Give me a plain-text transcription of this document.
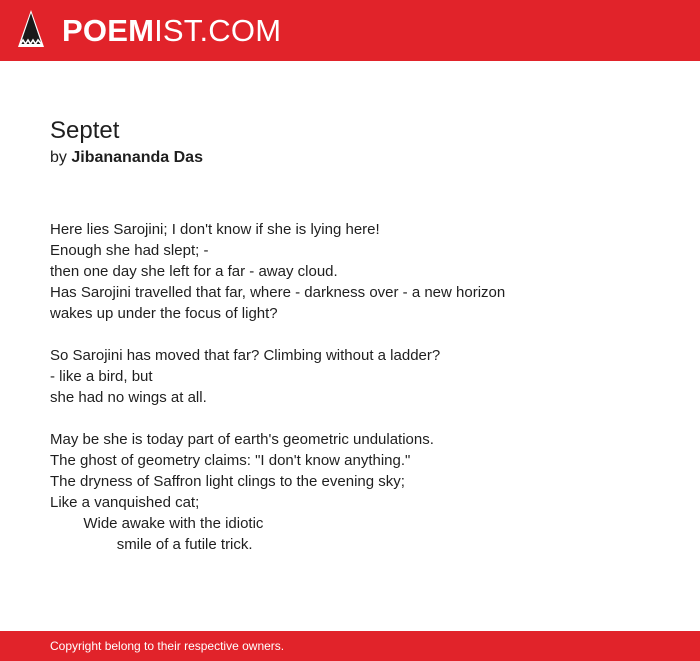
POEMIST.COM
Septet
by Jibanananda Das
Here lies Sarojini; I don't know if she is lying here!
Enough she had slept; -
then one day she left for a far - away cloud.
Has Sarojini travelled that far, where - darkness over - a new horizon
wakes up under the focus of light?
So Sarojini has moved that far? Climbing without a ladder?
- like a bird, but
she had no wings at all.
May be she is today part of earth's geometric undulations.
The ghost of geometry claims: "I don't know anything."
The dryness of Saffron light clings to the evening sky;
Like a vanquished cat;
	Wide awake with the idiotic
		smile of a futile trick.
Copyright belong to their respective owners.
